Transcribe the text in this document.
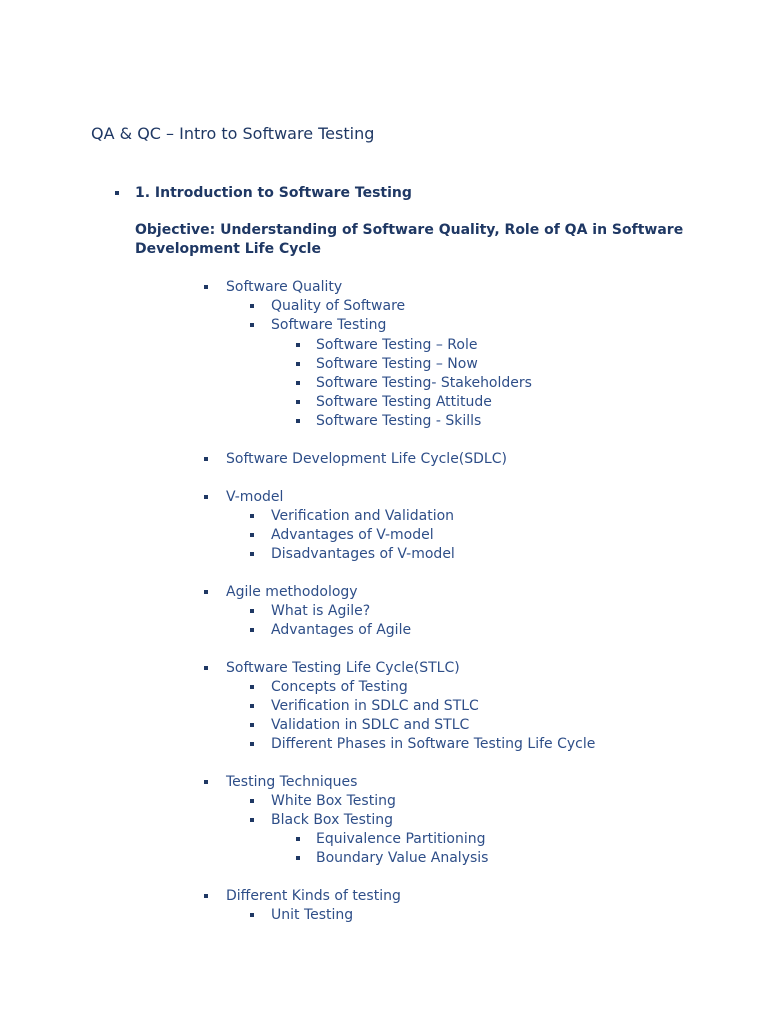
QA & QC – Intro to Software Testing
1. Introduction to Software Testing
Objective: Understanding of Software Quality, Role of QA in Software Development Life Cycle
Software Quality
Quality of Software
Software Testing
Software Testing – Role
Software Testing – Now
Software Testing- Stakeholders
Software Testing Attitude
Software Testing - Skills
Software Development Life Cycle(SDLC)
V-model
Verification and Validation
Advantages of V-model
Disadvantages of V-model
Agile methodology
What is Agile?
Advantages of Agile
Software Testing Life Cycle(STLC)
Concepts of Testing
Verification in SDLC and STLC
Validation in SDLC and STLC
Different Phases in Software Testing Life Cycle
Testing Techniques
White Box Testing
Black Box Testing
Equivalence Partitioning
Boundary Value Analysis
Different Kinds of testing
Unit Testing
